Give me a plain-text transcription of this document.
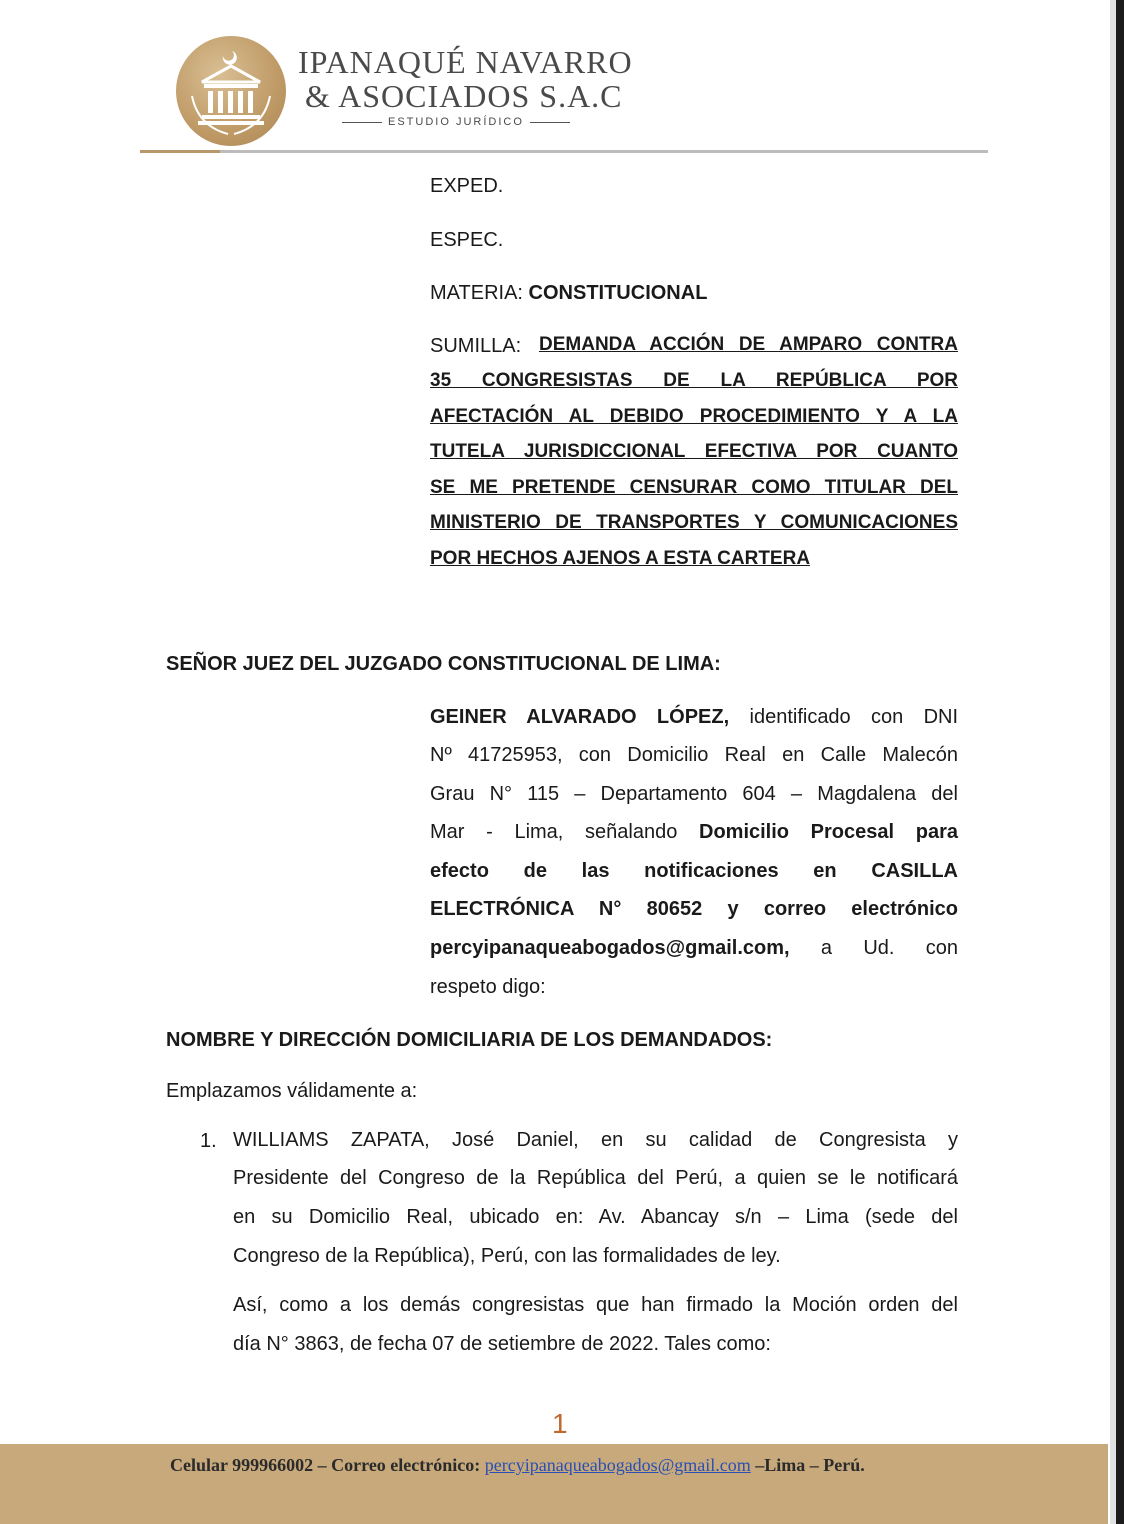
IPANAQUÉ NAVARRO
& ASOCIADOS S.A.C
ESTUDIO JURÍDICO
EXPED.
ESPEC.
MATERIA: CONSTITUCIONAL
SUMILLA: DEMANDA ACCIÓN DE AMPARO CONTRA
35 CONGRESISTAS DE LA REPÚBLICA POR
AFECTACIÓN AL DEBIDO PROCEDIMIENTO Y A LA
TUTELA JURISDICCIONAL EFECTIVA POR CUANTO
SE ME PRETENDE CENSURAR COMO TITULAR DEL
MINISTERIO DE TRANSPORTES Y COMUNICACIONES
POR HECHOS AJENOS A ESTA CARTERA
SEÑOR JUEZ DEL JUZGADO CONSTITUCIONAL DE LIMA:
GEINER ALVARADO LÓPEZ, identificado con DNI
Nº 41725953, con Domicilio Real en Calle Malecón
Grau N° 115 – Departamento 604 – Magdalena del
Mar - Lima, señalando Domicilio Procesal para
efecto de las notificaciones en CASILLA
ELECTRÓNICA N° 80652 y correo electrónico
percyipanaqueabogados@gmail.com, a Ud. con
respeto digo:
NOMBRE Y DIRECCIÓN DOMICILIARIA DE LOS DEMANDADOS:
Emplazamos válidamente a:
1. WILLIAMS ZAPATA, José Daniel, en su calidad de Congresista y
Presidente del Congreso de la República del Perú, a quien se le notificará
en su Domicilio Real, ubicado en: Av. Abancay s/n – Lima (sede del
Congreso de la República), Perú, con las formalidades de ley.
Así, como a los demás congresistas que han firmado la Moción orden del
día N° 3863, de fecha 07 de setiembre de 2022. Tales como:
1
Celular 999966002 – Correo electrónico: percyipanaqueabogados@gmail.com –Lima – Perú.
